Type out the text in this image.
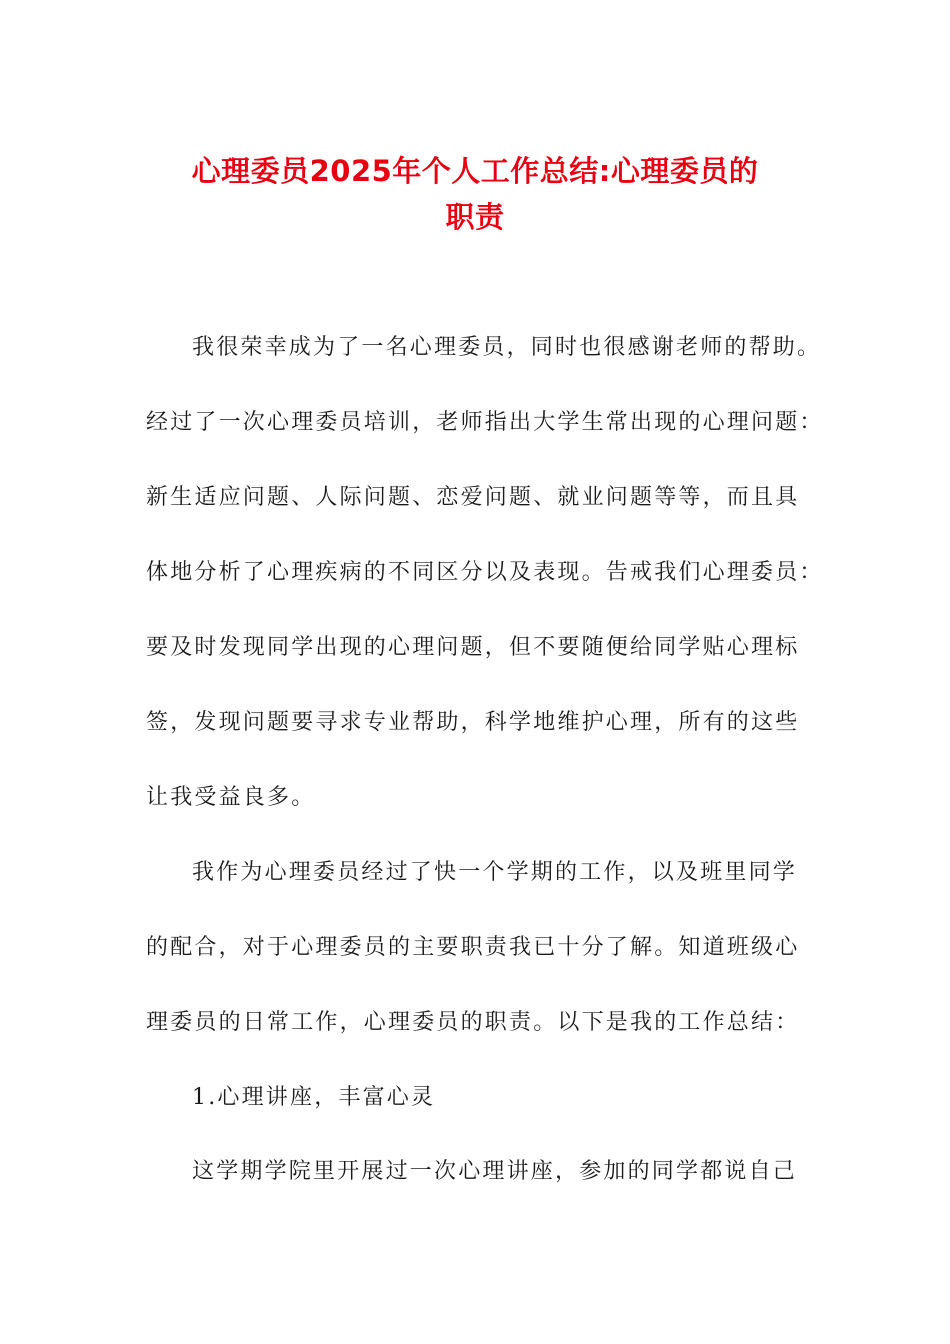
心理委员2025年个人工作总结:心理委员的
职责

我很荣幸成为了一名心理委员，同时也很感谢老师的帮助。

经过了一次心理委员培训，老师指出大学生常出现的心理问题：

新生适应问题、人际问题、恋爱问题、就业问题等等，而且具

体地分析了心理疾病的不同区分以及表现。告戒我们心理委员：

要及时发现同学出现的心理问题，但不要随便给同学贴心理标

签，发现问题要寻求专业帮助，科学地维护心理，所有的这些

让我受益良多。

我作为心理委员经过了快一个学期的工作，以及班里同学

的配合，对于心理委员的主要职责我已十分了解。知道班级心

理委员的日常工作，心理委员的职责。以下是我的工作总结：

1.心理讲座，丰富心灵

这学期学院里开展过一次心理讲座，参加的同学都说自己
